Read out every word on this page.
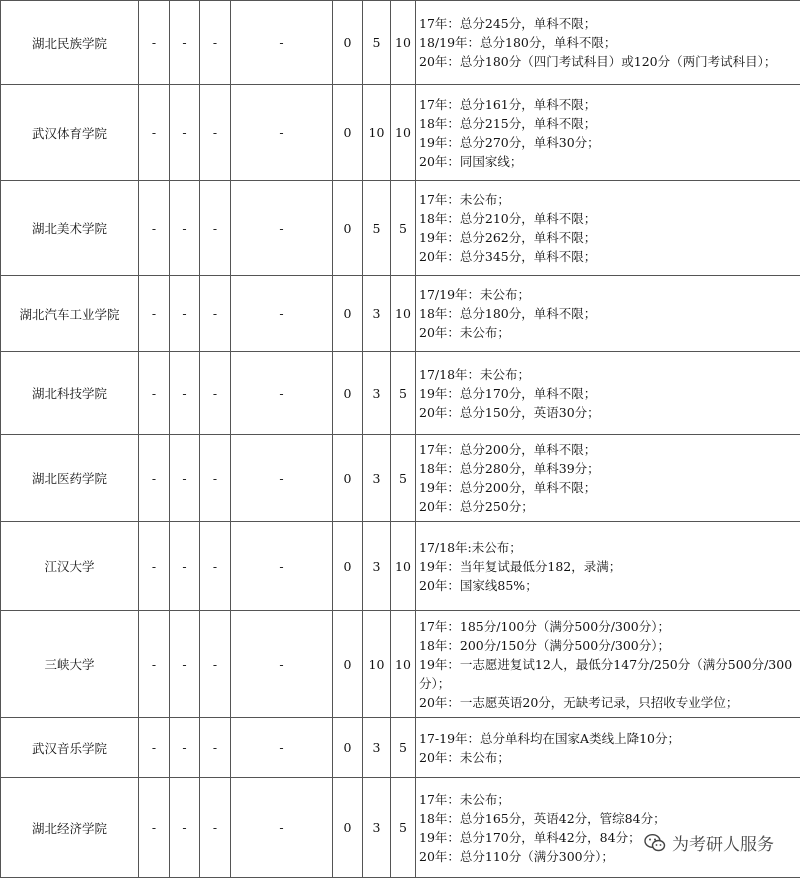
湖北民族学院	-	-	-	-	0	5	10	17年：总分245分，单科不限；
18/19年：总分180分，单科不限；
20年：总分180分（四门考试科目）或120分（两门考试科目）；

武汉体育学院	-	-	-	-	0	10	10	17年：总分161分，单科不限；
18年：总分215分，单科不限；
19年：总分270分，单科30分；
20年：同国家线；

湖北美术学院	-	-	-	-	0	5	5	17年：未公布；
18年：总分210分，单科不限；
19年：总分262分，单科不限；
20年：总分345分，单科不限；

湖北汽车工业学院	-	-	-	-	0	3	10	17/19年：未公布；
18年：总分180分，单科不限；
20年：未公布；

湖北科技学院	-	-	-	-	0	3	5	17/18年：未公布；
19年：总分170分，单科不限；
20年：总分150分，英语30分；

湖北医药学院	-	-	-	-	0	3	5	17年：总分200分，单科不限；
18年：总分280分，单科39分；
19年：总分200分，单科不限；
20年：总分250分；

江汉大学	-	-	-	-	0	3	10	17/18年:未公布；
19年：当年复试最低分182，录满；
20年：国家线85%；

三峡大学	-	-	-	-	0	10	10	17年：185分/100分（满分500分/300分）；
18年：200分/150分（满分500分/300分）；
19年：一志愿进复试12人，最低分147分/250分（满分500分/300分）；
20年：一志愿英语20分，无缺考记录，只招收专业学位；

武汉音乐学院	-	-	-	-	0	3	5	17-19年：总分单科均在国家A类线上降10分；
20年：未公布；

湖北经济学院	-	-	-	-	0	3	5	17年：未公布；
18年：总分165分，英语42分，管综84分；
19年：总分170分，单科42分，84分；
20年：总分110分（满分300分）；
为考研人服务
